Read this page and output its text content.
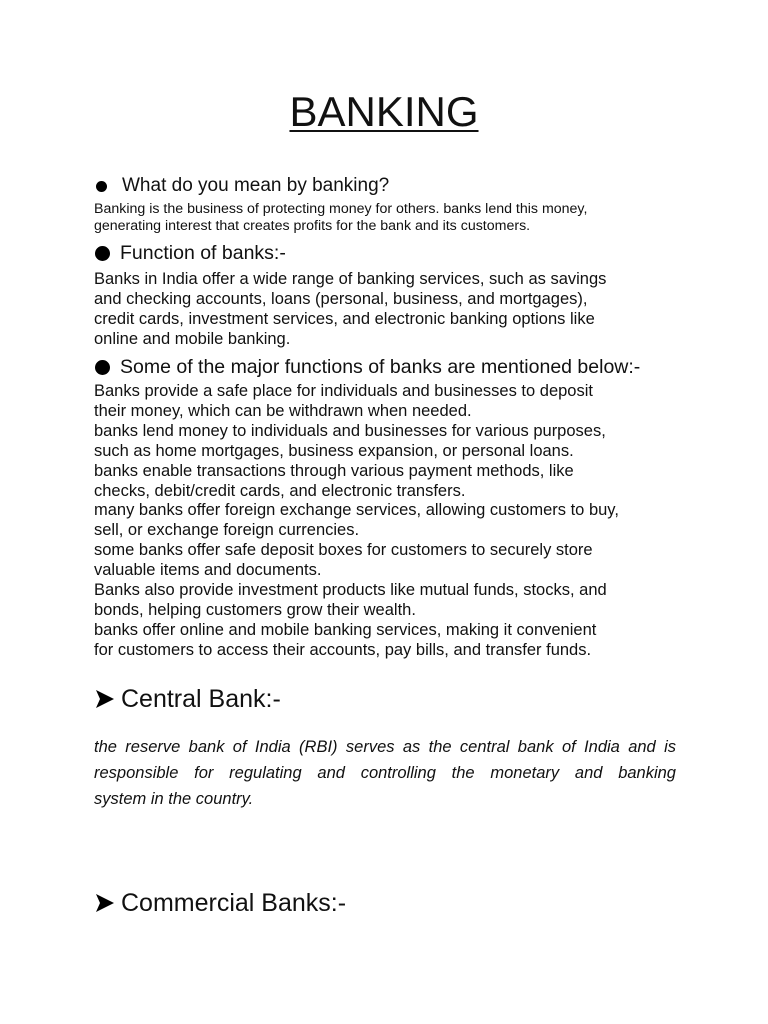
BANKING
What do you mean by banking?

Banking is the business of protecting money for others. banks lend this money,
generating interest that creates profits for the bank and its customers.

Function of banks:-

Banks in India offer a wide range of banking services, such as savings
and checking accounts, loans (personal, business, and mortgages),
credit cards, investment services, and electronic banking options like
online and mobile banking.

Some of the major functions of banks are mentioned below:-

Banks provide a safe place for individuals and businesses to deposit
their money, which can be withdrawn when needed.
banks lend money to individuals and businesses for various purposes,
such as home mortgages, business expansion, or personal loans.
banks enable transactions through various payment methods, like
checks, debit/credit cards, and electronic transfers.
many banks offer foreign exchange services, allowing customers to buy,
sell, or exchange foreign currencies.
some banks offer safe deposit boxes for customers to securely store
valuable items and documents.
Banks also provide investment products like mutual funds, stocks, and
bonds, helping customers grow their wealth.
banks offer online and mobile banking services, making it convenient
for customers to access their accounts, pay bills, and transfer funds.

Central Bank:-

the reserve bank of India (RBI) serves as the central bank of India and is
responsible for regulating and controlling the monetary and banking
system in the country.

Commercial Banks:-
